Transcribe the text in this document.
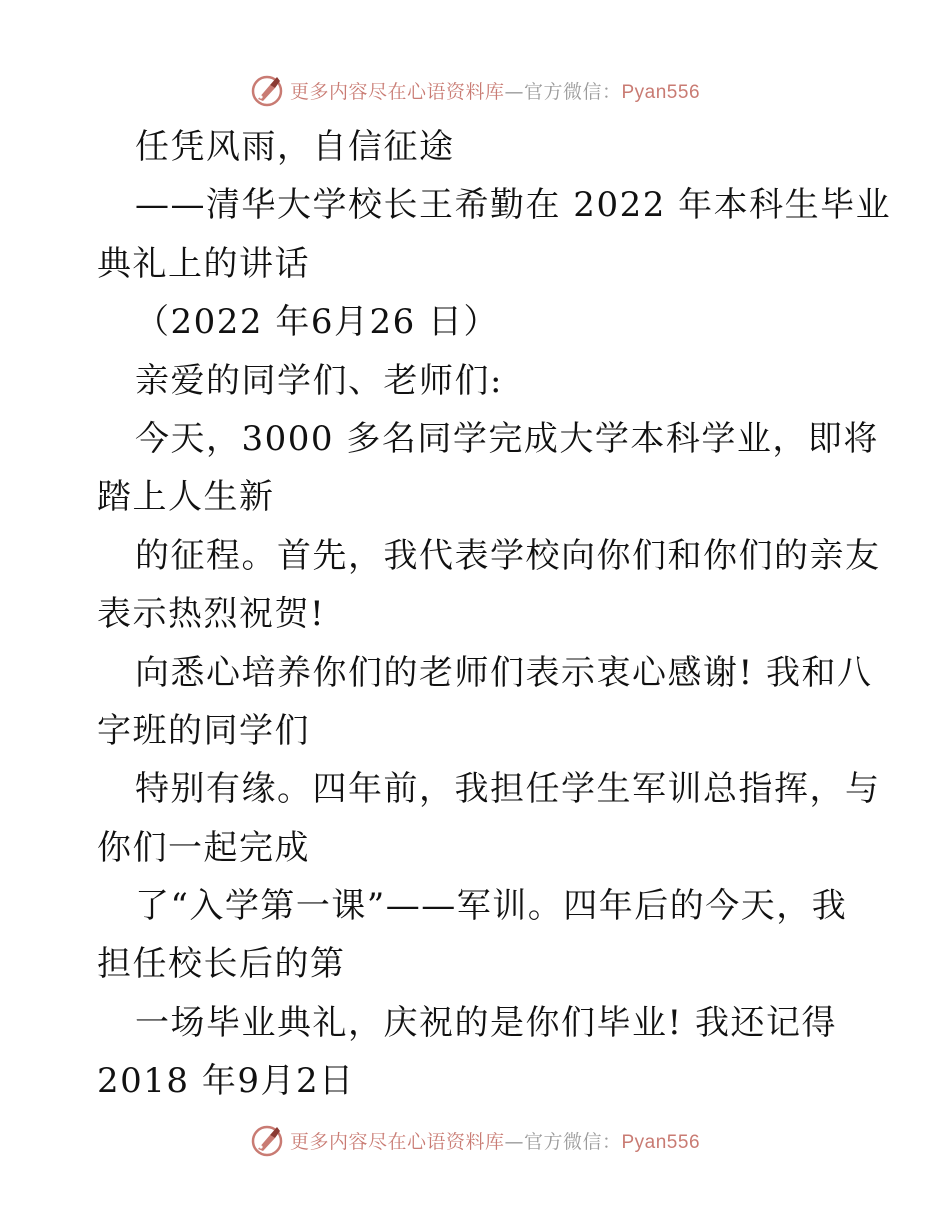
更多内容尽在心语资料库—官方微信：Pyan556
任凭风雨，自信征途
——清华大学校长王希勤在 2022 年本科生毕业
典礼上的讲话
（2022 年6月26 日）
亲爱的同学们、老师们:
今天，3000 多名同学完成大学本科学业，即将
踏上人生新
的征程。首先，我代表学校向你们和你们的亲友
表示热烈祝贺!
向悉心培养你们的老师们表示衷心感谢! 我和八
字班的同学们
特别有缘。四年前，我担任学生军训总指挥，与
你们一起完成
了“入学第一课”——军训。四年后的今天，我
担任校长后的第
一场毕业典礼，庆祝的是你们毕业! 我还记得
2018 年9月2日
更多内容尽在心语资料库—官方微信：Pyan556
